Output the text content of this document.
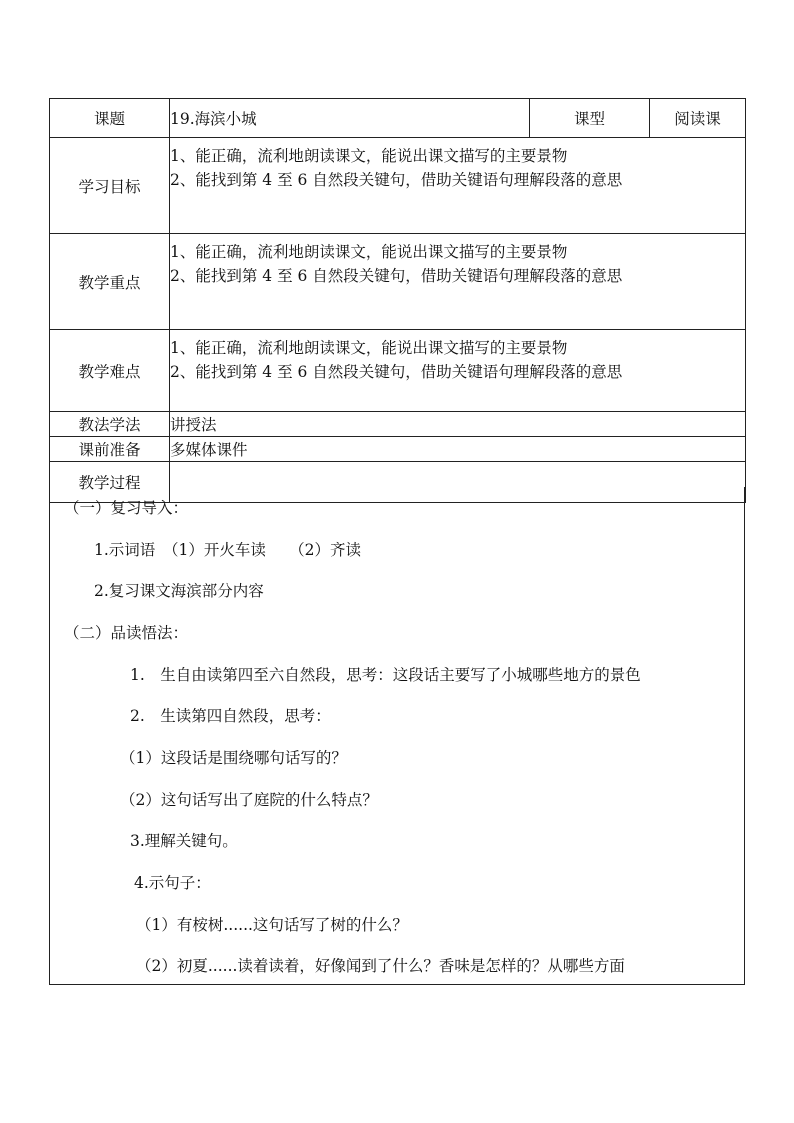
课题	19.海滨小城	课型	阅读课
学习目标	1、能正确，流利地朗读课文，能说出课文描写的主要景物
2、能找到第 4 至 6 自然段关键句，借助关键语句理解段落的意思		

教学重点	1、能正确，流利地朗读课文，能说出课文描写的主要景物
2、能找到第 4 至 6 自然段关键句，借助关键语句理解段落的意思		

教学难点	1、能正确，流利地朗读课文，能说出课文描写的主要景物
2、能找到第 4 至 6 自然段关键句，借助关键语句理解段落的意思		

教法学法	讲授法		
课前准备	多媒体课件		
教学过程			
（一）复习导入：
1.示词语　（1）开火车读　　（2）齐读
2.复习课文海滨部分内容
（二）品读悟法：
1.　生自由读第四至六自然段，思考：这段话主要写了小城哪些地方的景色
2.　生读第四自然段，思考：
（1）这段话是围绕哪句话写的？
（2）这句话写出了庭院的什么特点？
3.理解关键句。
4.示句子：
（1）有桉树......这句话写了树的什么？
（2）初夏......读着读着，好像闻到了什么？香味是怎样的？从哪些方面
